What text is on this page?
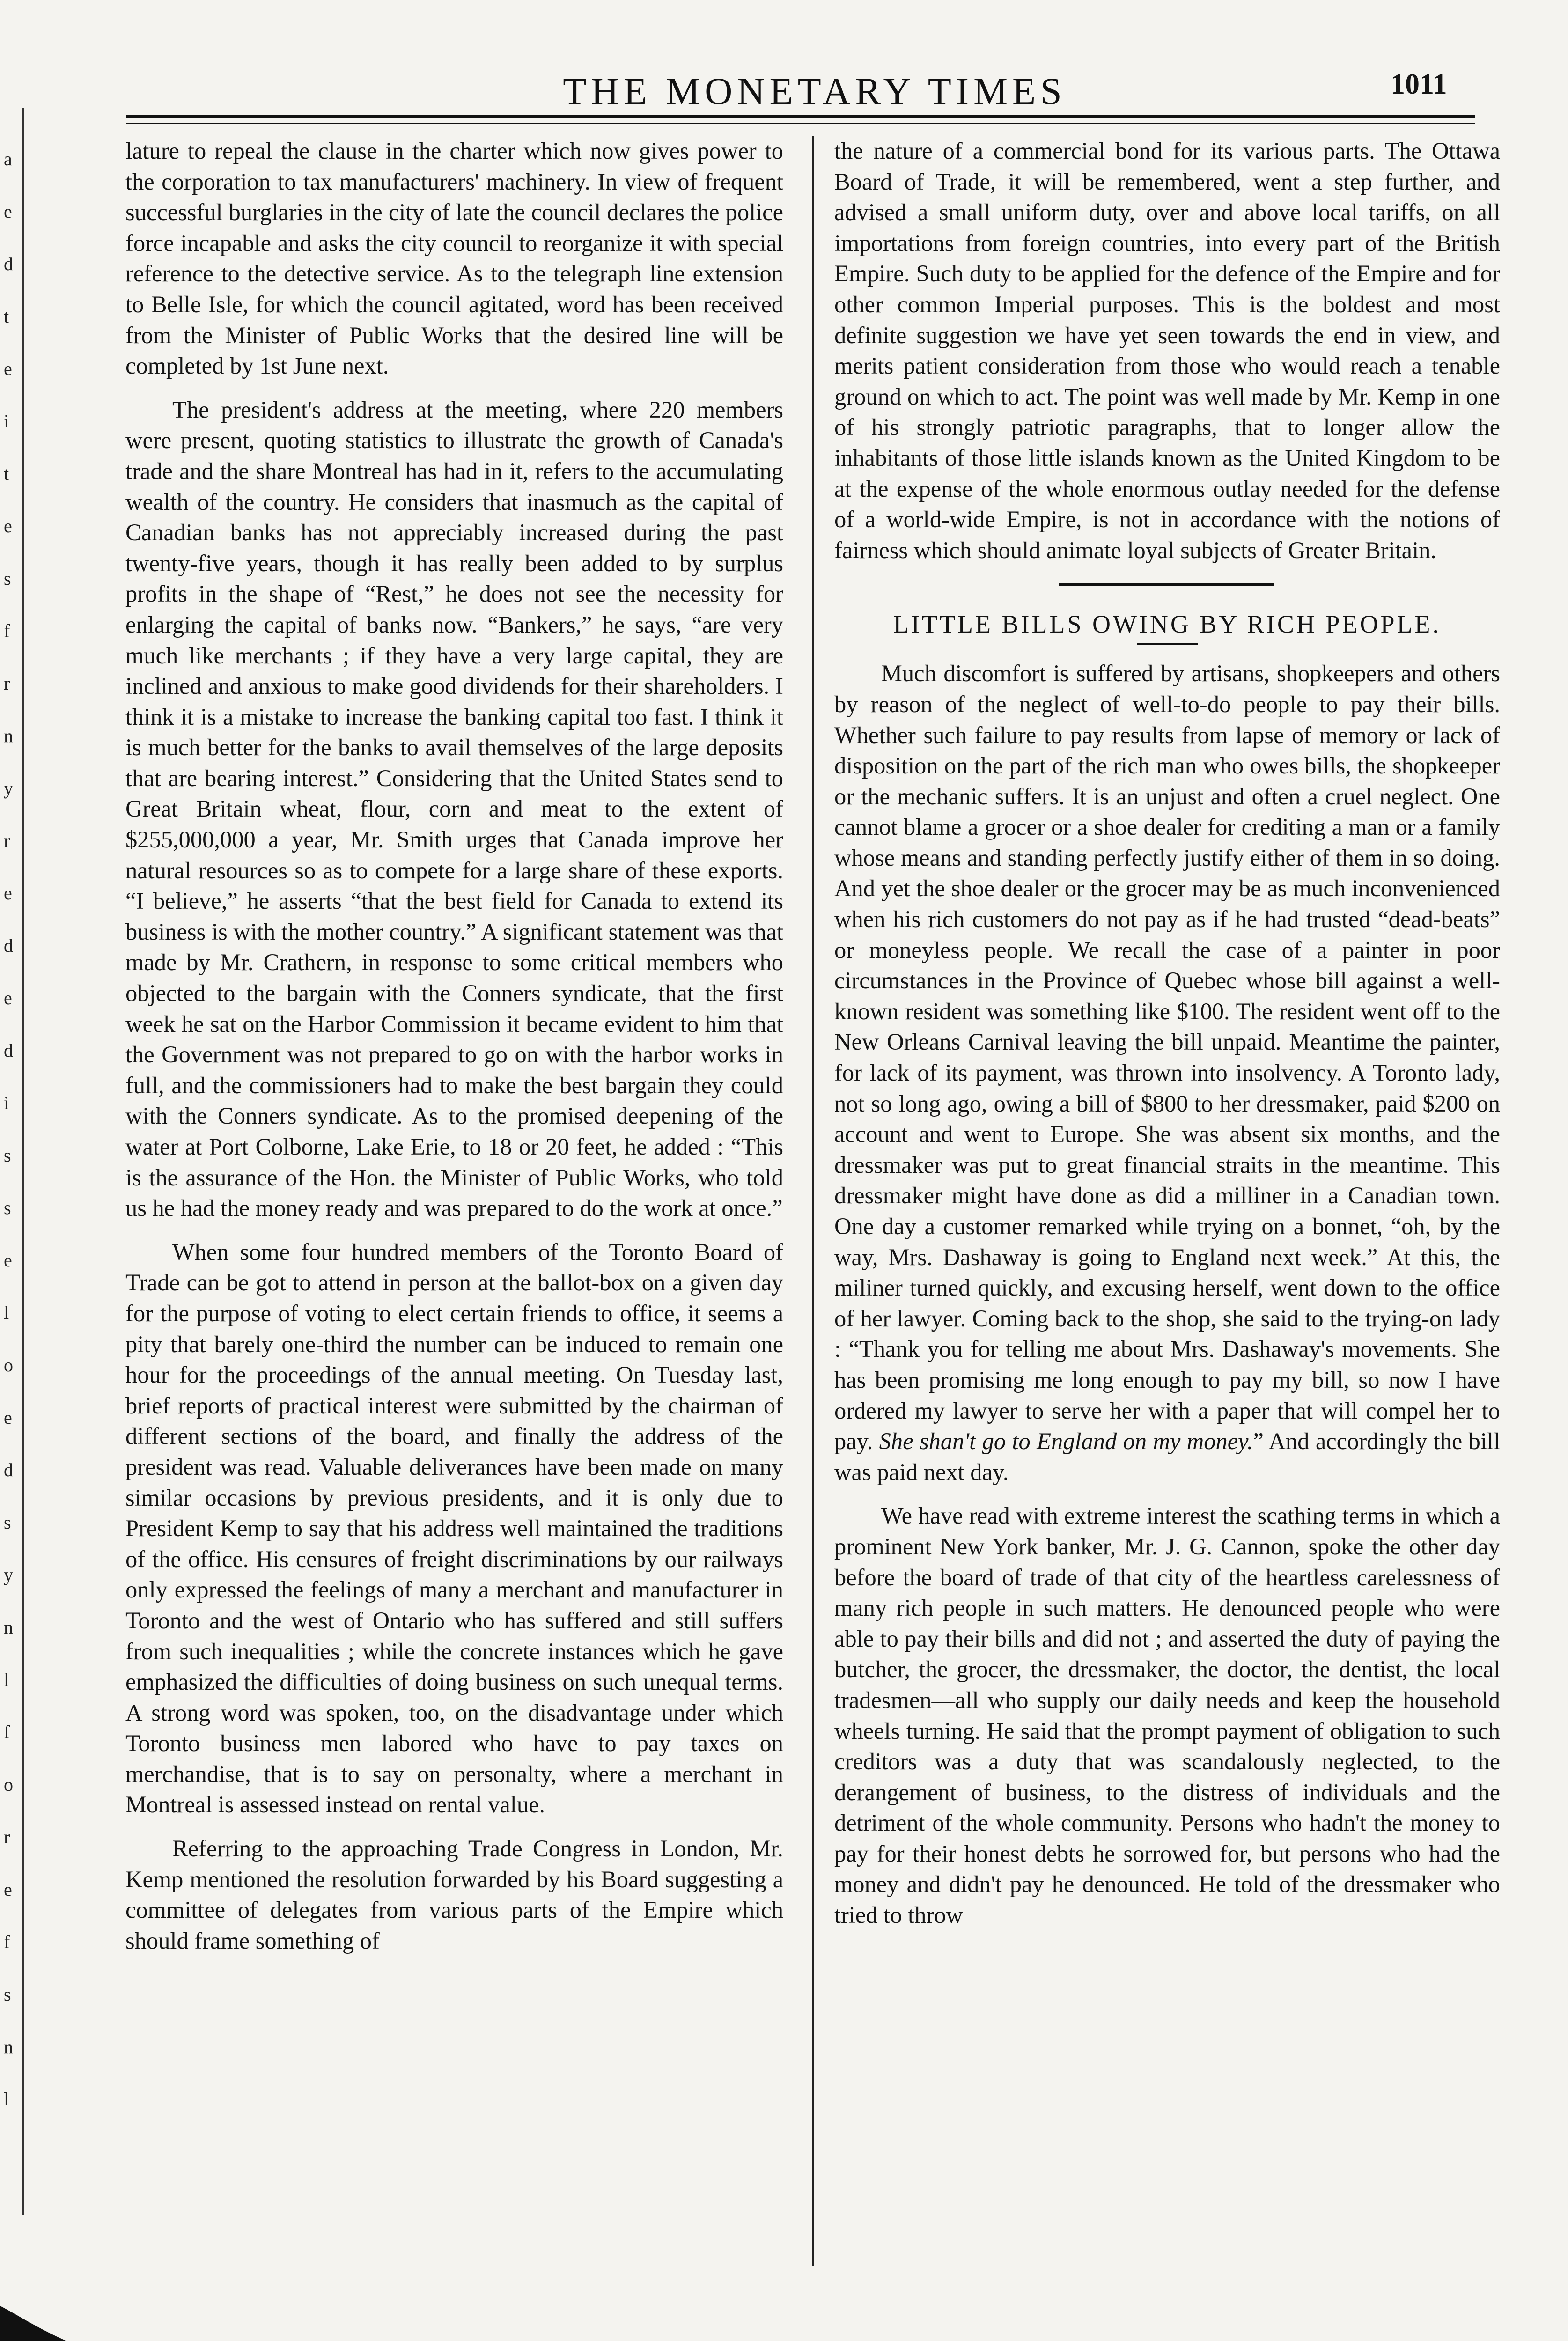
a
e
d
t
e
i
t
e
s
f
r
n
y
r
e
d
e
d
i
s
s
e
l
o
e
d
s
y
n
l
f
o
r
e
f
s
n
l
THE MONETARY TIMES	1011

lature to repeal the clause in the charter which now gives power to the corporation to tax manufacturers' machinery. In view of frequent successful burglaries in the city of late the council declares the police force incapable and asks the city council to reorganize it with special reference to the detective service. As to the telegraph line extension to Belle Isle, for which the council agitated, word has been received from the Minister of Public Works that the desired line will be completed by 1st June next.

The president's address at the meeting, where 220 members were present, quoting statistics to illustrate the growth of Canada's trade and the share Montreal has had in it, refers to the accumulating wealth of the country. He considers that inasmuch as the capital of Canadian banks has not appreciably increased during the past twenty-five years, though it has really been added to by surplus profits in the shape of “Rest,” he does not see the necessity for enlarging the capital of banks now. “Bankers,” he says, “are very much like merchants ; if they have a very large capital, they are inclined and anxious to make good dividends for their shareholders. I think it is a mistake to increase the banking capital too fast. I think it is much better for the banks to avail themselves of the large deposits that are bearing interest.” Considering that the United States send to Great Britain wheat, flour, corn and meat to the extent of $255,000,000 a year, Mr. Smith urges that Canada improve her natural resources so as to compete for a large share of these exports. “I believe,” he asserts “that the best field for Canada to extend its business is with the mother country.” A significant statement was that made by Mr. Crathern, in response to some critical members who objected to the bargain with the Conners syndicate, that the first week he sat on the Harbor Commission it became evident to him that the Government was not prepared to go on with the harbor works in full, and the commissioners had to make the best bargain they could with the Conners syndicate. As to the promised deepening of the water at Port Colborne, Lake Erie, to 18 or 20 feet, he added : “This is the assurance of the Hon. the Minister of Public Works, who told us he had the money ready and was prepared to do the work at once.”

When some four hundred members of the Toronto Board of Trade can be got to attend in person at the ballot-box on a given day for the purpose of voting to elect certain friends to office, it seems a pity that barely one-third the number can be induced to remain one hour for the proceedings of the annual meeting. On Tuesday last, brief reports of practical interest were submitted by the chairman of different sections of the board, and finally the address of the president was read. Valuable deliverances have been made on many similar occasions by previous presidents, and it is only due to President Kemp to say that his address well maintained the traditions of the office. His censures of freight discriminations by our railways only expressed the feelings of many a merchant and manufacturer in Toronto and the west of Ontario who has suffered and still suffers from such inequalities ; while the concrete instances which he gave emphasized the difficulties of doing business on such unequal terms. A strong word was spoken, too, on the disadvantage under which Toronto business men labored who have to pay taxes on merchandise, that is to say on personalty, where a merchant in Montreal is assessed instead on rental value.

Referring to the approaching Trade Congress in London, Mr. Kemp mentioned the resolution forwarded by his Board suggesting a committee of delegates from various parts of the Empire which should frame something of

the nature of a commercial bond for its various parts. The Ottawa Board of Trade, it will be remembered, went a step further, and advised a small uniform duty, over and above local tariffs, on all importations from foreign countries, into every part of the British Empire. Such duty to be applied for the defence of the Empire and for other common Imperial purposes. This is the boldest and most definite suggestion we have yet seen towards the end in view, and merits patient consideration from those who would reach a tenable ground on which to act. The point was well made by Mr. Kemp in one of his strongly patriotic paragraphs, that to longer allow the inhabitants of those little islands known as the United Kingdom to be at the expense of the whole enormous outlay needed for the defense of a world-wide Empire, is not in accordance with the notions of fairness which should animate loyal subjects of Greater Britain.

LITTLE BILLS OWING BY RICH PEOPLE.

Much discomfort is suffered by artisans, shopkeepers and others by reason of the neglect of well-to-do people to pay their bills. Whether such failure to pay results from lapse of memory or lack of disposition on the part of the rich man who owes bills, the shopkeeper or the mechanic suffers. It is an unjust and often a cruel neglect. One cannot blame a grocer or a shoe dealer for crediting a man or a family whose means and standing perfectly justify either of them in so doing. And yet the shoe dealer or the grocer may be as much inconvenienced when his rich customers do not pay as if he had trusted “dead-beats” or moneyless people. We recall the case of a painter in poor circumstances in the Province of Quebec whose bill against a well-known resident was something like $100. The resident went off to the New Orleans Carnival leaving the bill unpaid. Meantime the painter, for lack of its payment, was thrown into insolvency. A Toronto lady, not so long ago, owing a bill of $800 to her dressmaker, paid $200 on account and went to Europe. She was absent six months, and the dressmaker was put to great financial straits in the meantime. This dressmaker might have done as did a milliner in a Canadian town. One day a customer remarked while trying on a bonnet, “oh, by the way, Mrs. Dashaway is going to England next week.” At this, the miliner turned quickly, and excusing herself, went down to the office of her lawyer. Coming back to the shop, she said to the trying-on lady : “Thank you for telling me about Mrs. Dashaway's movements. She has been promising me long enough to pay my bill, so now I have ordered my lawyer to serve her with a paper that will compel her to pay. She shan't go to England on my money.” And accordingly the bill was paid next day.

We have read with extreme interest the scathing terms in which a prominent New York banker, Mr. J. G. Cannon, spoke the other day before the board of trade of that city of the heartless carelessness of many rich people in such matters. He denounced people who were able to pay their bills and did not ; and asserted the duty of paying the butcher, the grocer, the dressmaker, the doctor, the dentist, the local tradesmen—all who supply our daily needs and keep the household wheels turning. He said that the prompt payment of obligation to such creditors was a duty that was scandalously neglected, to the derangement of business, to the distress of individuals and the detriment of the whole community. Persons who hadn't the money to pay for their honest debts he sorrowed for, but persons who had the money and didn't pay he denounced. He told of the dressmaker who tried to throw
